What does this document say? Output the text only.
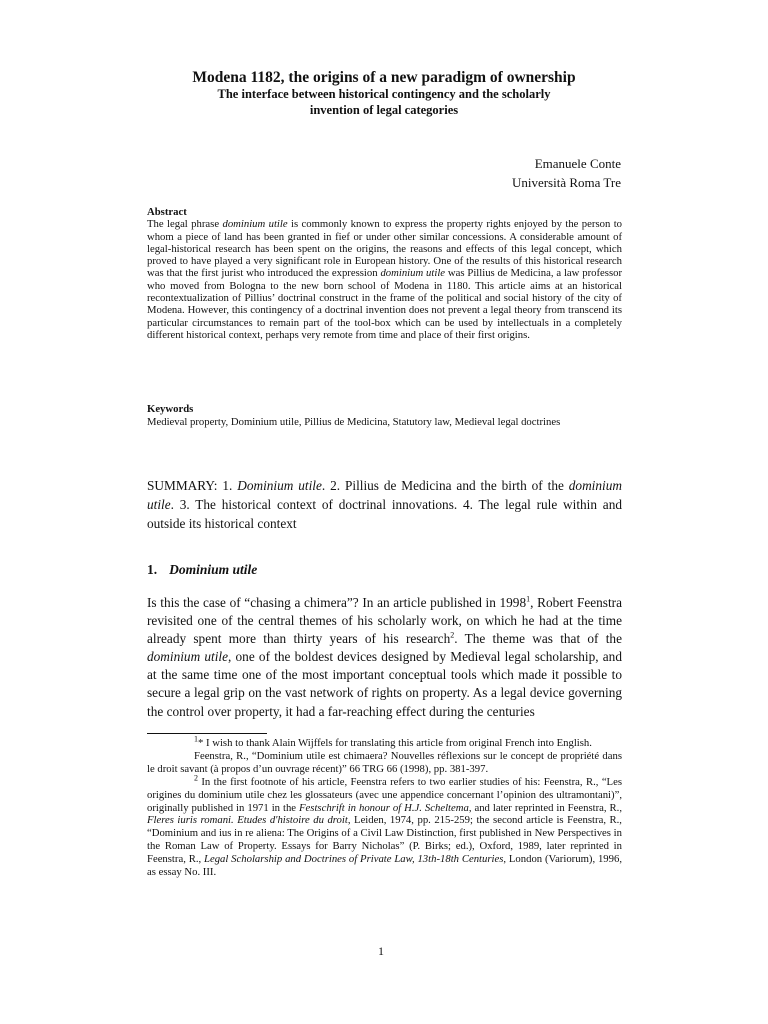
Modena 1182, the origins of a new paradigm of ownership

The interface between historical contingency and the scholarly

invention of legal categories

Emanuele Conte
Università Roma Tre
Abstract
The legal phrase dominium utile is commonly known to express the property rights enjoyed by the person to whom a piece of land has been granted in fief or under other similar concessions. A considerable amount of legal-historical research has been spent on the origins, the reasons and effects of this legal concept, which proved to have played a very significant role in European history. One of the results of this historical research was that the first jurist who introduced the expression dominium utile was Pillius de Medicina, a law professor who moved from Bologna to the new born school of Modena in 1180. This article aims at an historical recontextualization of Pillius’ doctrinal construct in the frame of the political and social history of the city of Modena. However, this contingency of a doctrinal invention does not prevent a legal theory from transcend its particular circumstances to remain part of the tool-box which can be used by intellectuals in a completely different historical context, perhaps very remote from time and place of their first origins.
Keywords
Medieval property, Dominium utile, Pillius de Medicina, Statutory law, Medieval legal doctrines
SUMMARY: 1. Dominium utile. 2. Pillius de Medicina and the birth of the dominium utile. 3. The historical context of doctrinal innovations. 4. The legal rule within and outside its historical context
1. Dominium utile
Is this the case of “chasing a chimera”? In an article published in 1998$^1$, Robert Feenstra revisited one of the central themes of his scholarly work, on which he had at the time already spent more than thirty years of his research$^2$. The theme was that of the dominium utile, one of the boldest devices designed by Medieval legal scholarship, and at the same time one of the most important conceptual tools which made it possible to secure a legal grip on the vast network of rights on property. As a legal device governing the control over property, it had a far-reaching effect during the centuries

$^1$* I wish to thank Alain Wijffels for translating this article from original French into English.

Feenstra, R., “Dominium utile est chimaera? Nouvelles réflexions sur le concept de propriété dans le droit savant (à propos d’un ouvrage récent)” 66 TRG 66 (1998), pp. 381-397.

$^2$ In the first footnote of his article, Feenstra refers to two earlier studies of his: Feenstra, R., “Les origines du dominium utile chez les glossateurs (avec une appendice concernant l’opinion des ultramontani)”, originally published in 1971 in the Festschrift in honour of H.J. Scheltema, and later reprinted in Feenstra, R., Fleres iuris romani. Etudes d'histoire du droit, Leiden, 1974, pp. 215-259; the second article is Feenstra, R., “Dominium and ius in re aliena: The Origins of a Civil Law Distinction, first published in New Perspectives in the Roman Law of Property. Essays for Barry Nicholas” (P. Birks; ed.), Oxford, 1989, later reprinted in Feenstra, R., Legal Scholarship and Doctrines of Private Law, 13th-18th Centuries, London (Variorum), 1996, as essay No. III.

1
